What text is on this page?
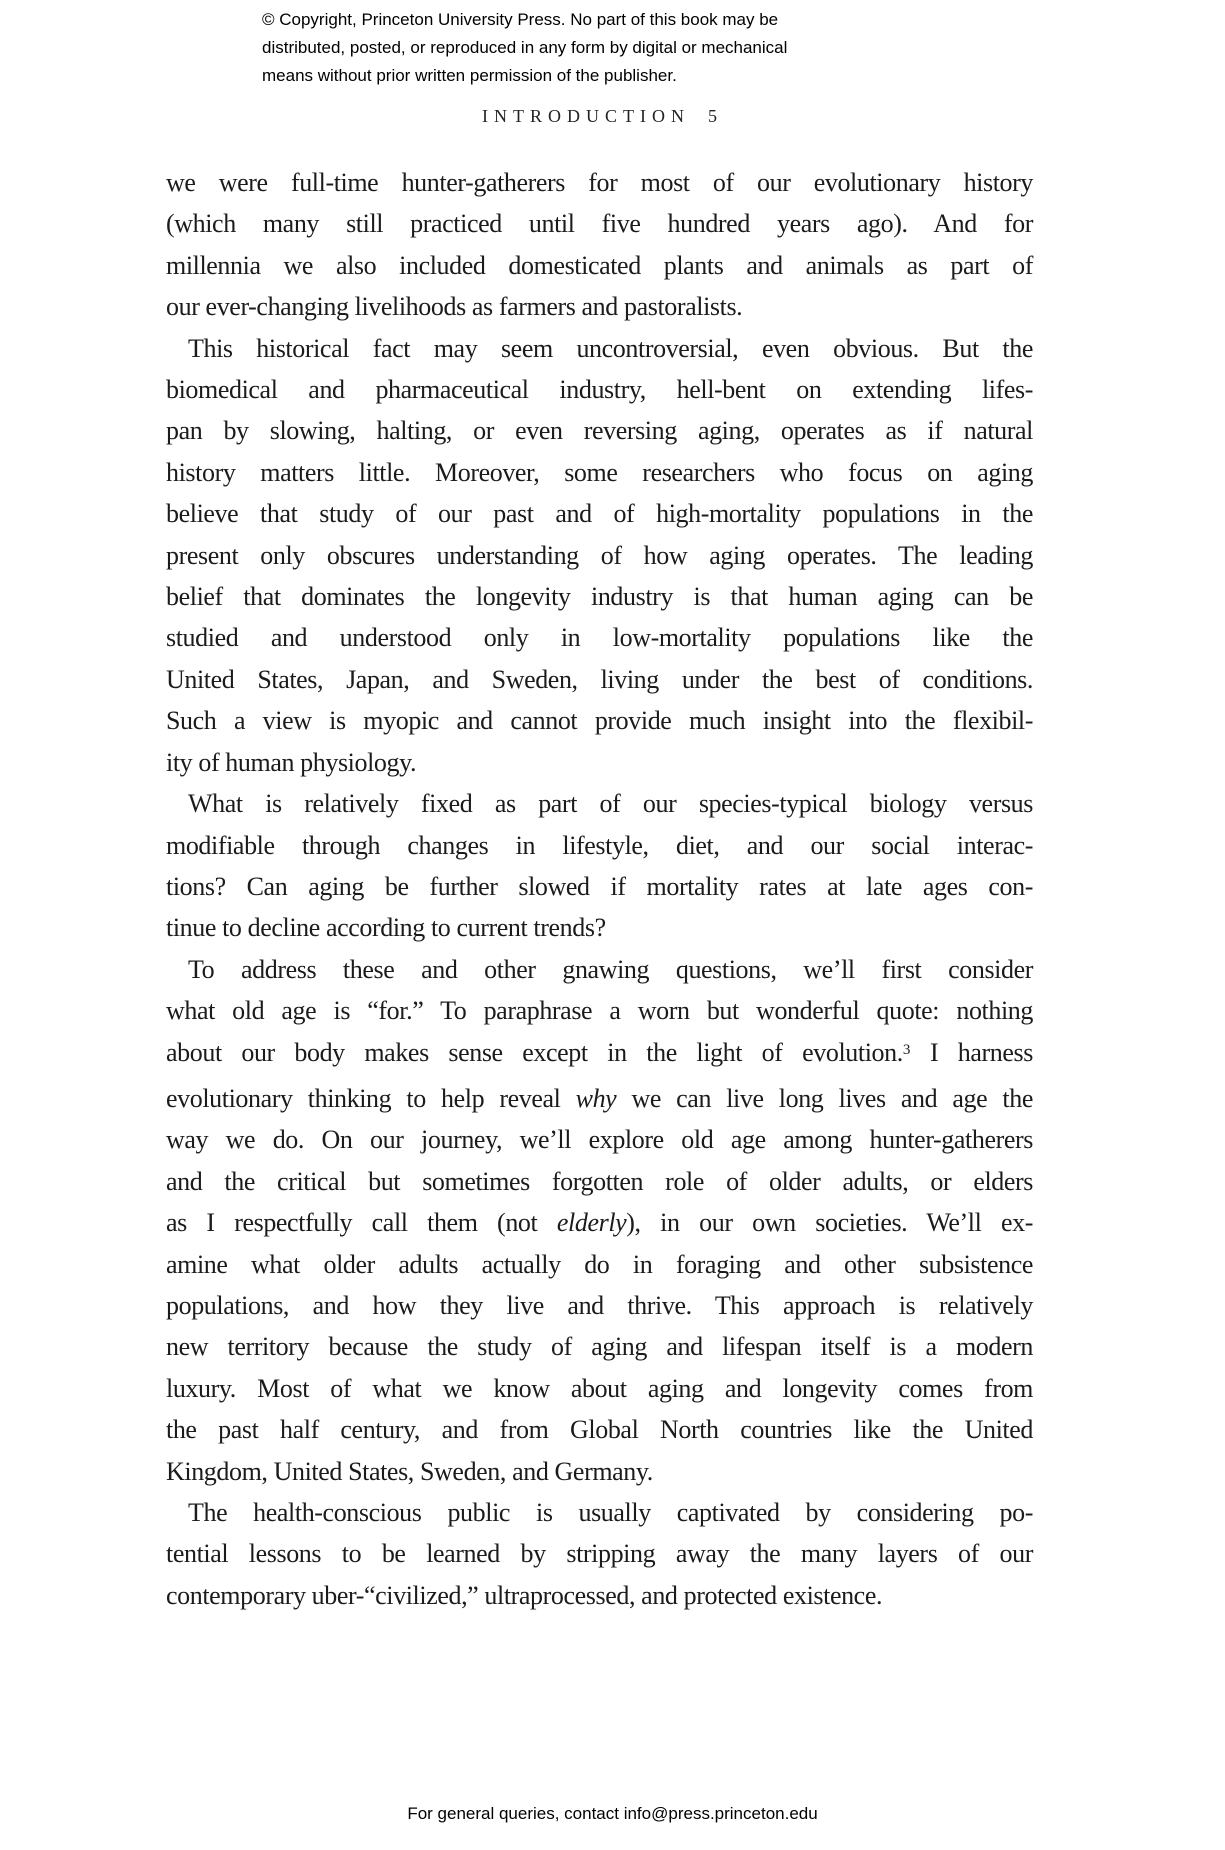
© Copyright, Princeton University Press. No part of this book may be
distributed, posted, or reproduced in any form by digital or mechanical
means without prior written permission of the publisher.
INTRODUCTION 5
we were full-time hunter-gatherers for most of our evolutionary history
(which many still practiced until five hundred years ago). And for
millennia we also included domesticated plants and animals as part of
our ever-changing livelihoods as farmers and pastoralists.
This historical fact may seem uncontroversial, even obvious. But the
biomedical and pharmaceutical industry, hell-bent on extending lifes-
pan by slowing, halting, or even reversing aging, operates as if natural
history matters little. Moreover, some researchers who focus on aging
believe that study of our past and of high-mortality populations in the
present only obscures understanding of how aging operates. The leading
belief that dominates the longevity industry is that human aging can be
studied and understood only in low-mortality populations like the
United States, Japan, and Sweden, living under the best of conditions.
Such a view is myopic and cannot provide much insight into the flexibil-
ity of human physiology.
What is relatively fixed as part of our species-typical biology versus
modifiable through changes in lifestyle, diet, and our social interac-
tions? Can aging be further slowed if mortality rates at late ages con-
tinue to decline according to current trends?
To address these and other gnawing questions, we’ll first consider
what old age is “for.” To paraphrase a worn but wonderful quote: nothing
about our body makes sense except in the light of evolution.$^3$ I harness
evolutionary thinking to help reveal why we can live long lives and age the
way we do. On our journey, we’ll explore old age among hunter-gatherers
and the critical but sometimes forgotten role of older adults, or elders
as I respectfully call them (not elderly), in our own societies. We’ll ex-
amine what older adults actually do in foraging and other subsistence
populations, and how they live and thrive. This approach is relatively
new territory because the study of aging and lifespan itself is a modern
luxury. Most of what we know about aging and longevity comes from
the past half century, and from Global North countries like the United
Kingdom, United States, Sweden, and Germany.
The health-conscious public is usually captivated by considering po-
tential lessons to be learned by stripping away the many layers of our
contemporary uber-“civilized,” ultraprocessed, and protected existence.
For general queries, contact info@press.princeton.edu
